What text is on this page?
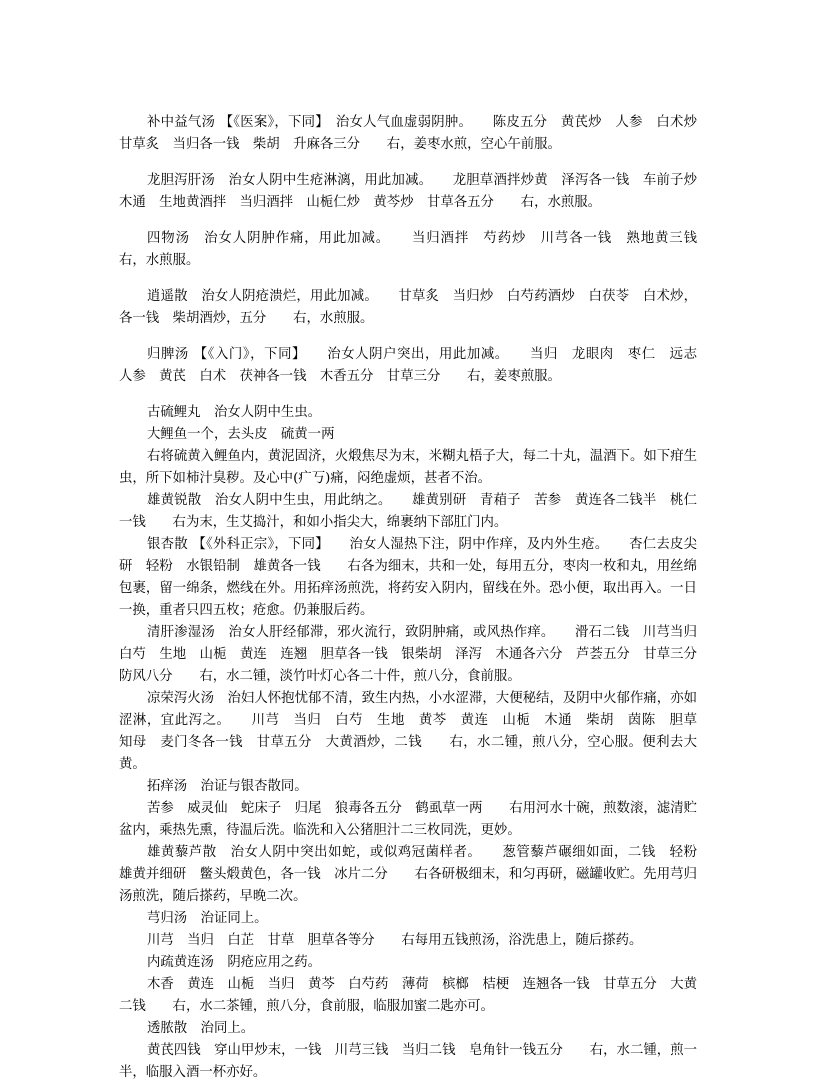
补中益气汤 【《医案》，下同】　治女人气血虚弱阴肿。　　陈皮五分　黄芪炒　人参　白术炒　甘草炙　当归各一钱　柴胡　升麻各三分　　右，姜枣水煎，空心午前服。

龙胆泻肝汤　治女人阴中生疮淋漓，用此加减。　　龙胆草酒拌炒黄　泽泻各一钱　车前子炒　木通　生地黄酒拌　当归酒拌　山栀仁炒　黄芩炒　甘草各五分　　右，水煎服。

四物汤　治女人阴肿作痛，用此加减。　　当归酒拌　芍药炒　川芎各一钱　熟地黄三钱　右，水煎服。

逍遥散　治女人阴疮溃烂，用此加减。　　甘草炙　当归炒　白芍药酒炒　白茯苓　白术炒，各一钱　柴胡酒炒，五分　　右，水煎服。

归脾汤 【《入门》，下同】　　治女人阴户突出，用此加减。　　当归　龙眼肉　枣仁　远志　人参　黄芪　白术　茯神各一钱　木香五分　甘草三分　　右，姜枣煎服。

古硫鲤丸　治女人阴中生虫。

大鲤鱼一个，去头皮　硫黄一两

右将硫黄入鲤鱼内，黄泥固济，火煅焦尽为末，米糊丸梧子大，每二十丸，温酒下。如下疳生虫，所下如柿汁臭秽。及心中(疒丂)痛，闷绝虚烦，甚者不治。

雄黄锐散　治女人阴中生虫，用此纳之。　　雄黄别研　青葙子　苦参　黄连各二钱半　桃仁一钱　　右为末，生艾捣汁，和如小指尖大，绵裹纳下部肛门内。

银杏散 【《外科正宗》，下同】　　治女人湿热下注，阴中作痒，及内外生疮。　　杏仁去皮尖研　轻粉　水银铅制　雄黄各一钱　　右各为细末，共和一处，每用五分，枣肉一枚和丸，用丝绵包裹，留一绵条，燃线在外。用拓痒汤煎洗，将药安入阴内，留线在外。恐小便，取出再入。一日一换，重者只四五枚；疮愈。仍兼服后药。

清肝渗湿汤　治女人肝经郁滞，邪火流行，致阴肿痛，或风热作痒。　　滑石二钱　川芎当归　白芍　生地　山栀　黄连　连翘　胆草各一钱　银柴胡　泽泻　木通各六分　芦荟五分　甘草三分　防风八分　　右，水二锺，淡竹叶灯心各二十件，煎八分，食前服。

凉荣泻火汤　治妇人怀抱忧郁不清，致生内热，小水涩滞，大便秘结，及阴中火郁作痛，亦如涩淋，宜此泻之。　　川芎　当归　白芍　生地　黄芩　黄连　山栀　木通　柴胡　茵陈　胆草　知母　麦门冬各一钱　甘草五分　大黄酒炒，二钱　　右，水二锺，煎八分，空心服。便利去大黄。

拓痒汤　治证与银杏散同。

苦参　威灵仙　蛇床子　归尾　狼毒各五分　鹤虱草一两　　右用河水十碗，煎数滚，滤清贮盆内，乘热先熏，待温后洗。临洗和入公猪胆汁二三枚同洗，更妙。

雄黄藜芦散　治女人阴中突出如蛇，或似鸡冠菌样者。　　葱管藜芦碾细如面，二钱　轻粉　雄黄并细研　鳖头煅黄色，各一钱　冰片二分　　右各研极细末，和匀再研，磁罐收贮。先用芎归汤煎洗，随后搽药，早晚二次。

芎归汤　治证同上。

川芎　当归　白芷　甘草　胆草各等分　　右每用五钱煎汤，浴洗患上，随后搽药。

内疏黄连汤　阴疮应用之药。

木香　黄连　山栀　当归　黄芩　白芍药　薄荷　槟榔　桔梗　连翘各一钱　甘草五分　大黄二钱　　右，水二茶锺，煎八分，食前服，临服加蜜二匙亦可。

透脓散　治同上。

黄芪四钱　穿山甲炒末，一钱　川芎三钱　当归二钱　皂角针一钱五分　　右，水二锺，煎一半，临服入酒一杯亦好。
